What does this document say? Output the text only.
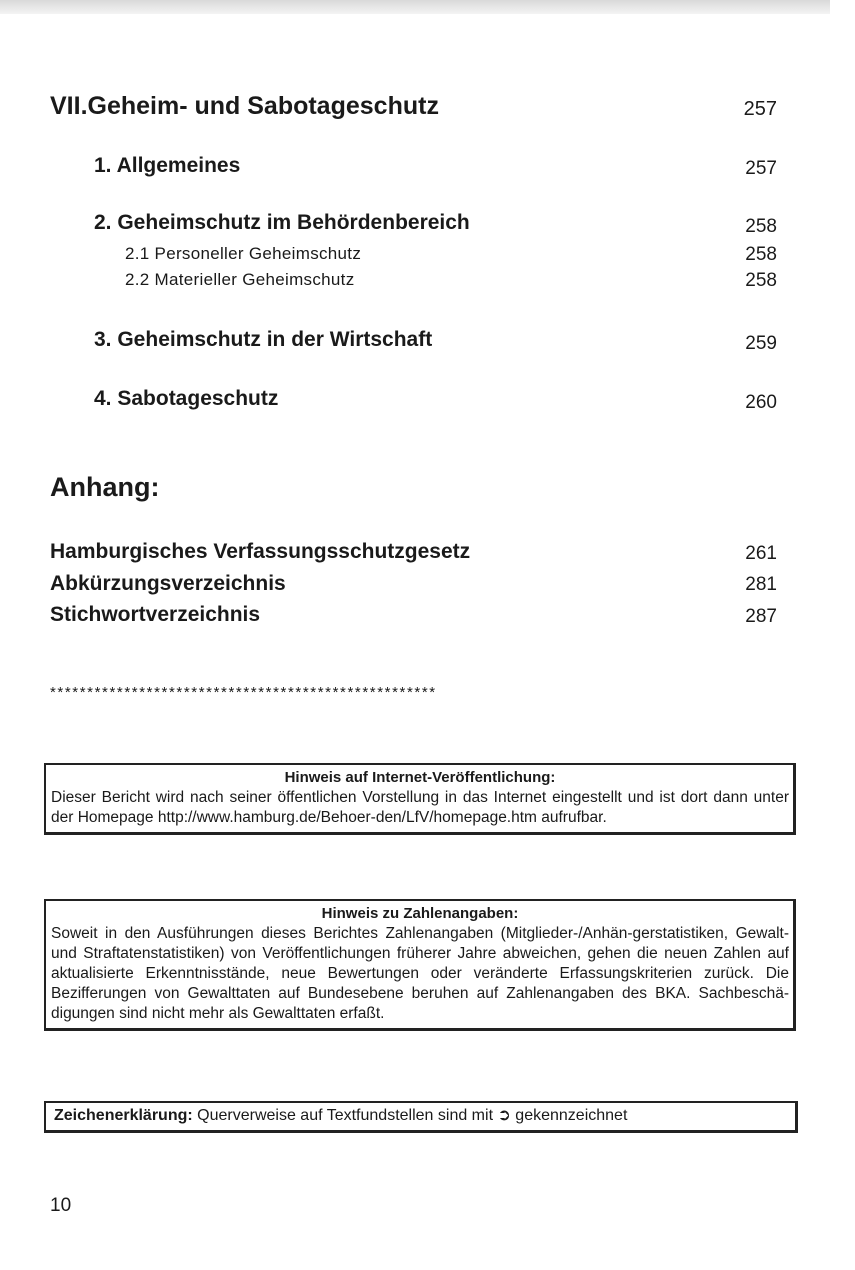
VII.Geheim- und Sabotageschutz	257
1. Allgemeines	257
2. Geheimschutz im Behördenbereich	258
2.1 Personeller Geheimschutz	258
2.2 Materieller Geheimschutz	258
3. Geheimschutz in der Wirtschaft	259
4. Sabotageschutz	260
Anhang:
Hamburgisches Verfassungsschutzgesetz	261
Abkürzungsverzeichnis	281
Stichwortverzeichnis	287
****************************************************
Hinweis auf Internet-Veröffentlichung:
Dieser Bericht wird nach seiner öffentlichen Vorstellung in das Internet eingestellt und ist dort dann unter der Homepage http://www.hamburg.de/Behoer-den/LfV/homepage.htm aufrufbar.
Hinweis zu Zahlenangaben:
Soweit in den Ausführungen dieses Berichtes Zahlenangaben (Mitglieder-/Anhän-gerstatistiken, Gewalt- und Straftatenstatistiken) von Veröffentlichungen früherer Jahre abweichen, gehen die neuen Zahlen auf aktualisierte Erkenntnisstände, neue Bewertungen oder veränderte Erfassungskriterien zurück. Die Bezifferungen von Gewalttaten auf Bundesebene beruhen auf Zahlenangaben des BKA. Sachbeschä-digungen sind nicht mehr als Gewalttaten erfaßt.
Zeichenerklärung: Querverweise auf Textfundstellen sind mit ➲ gekennzeichnet
10
